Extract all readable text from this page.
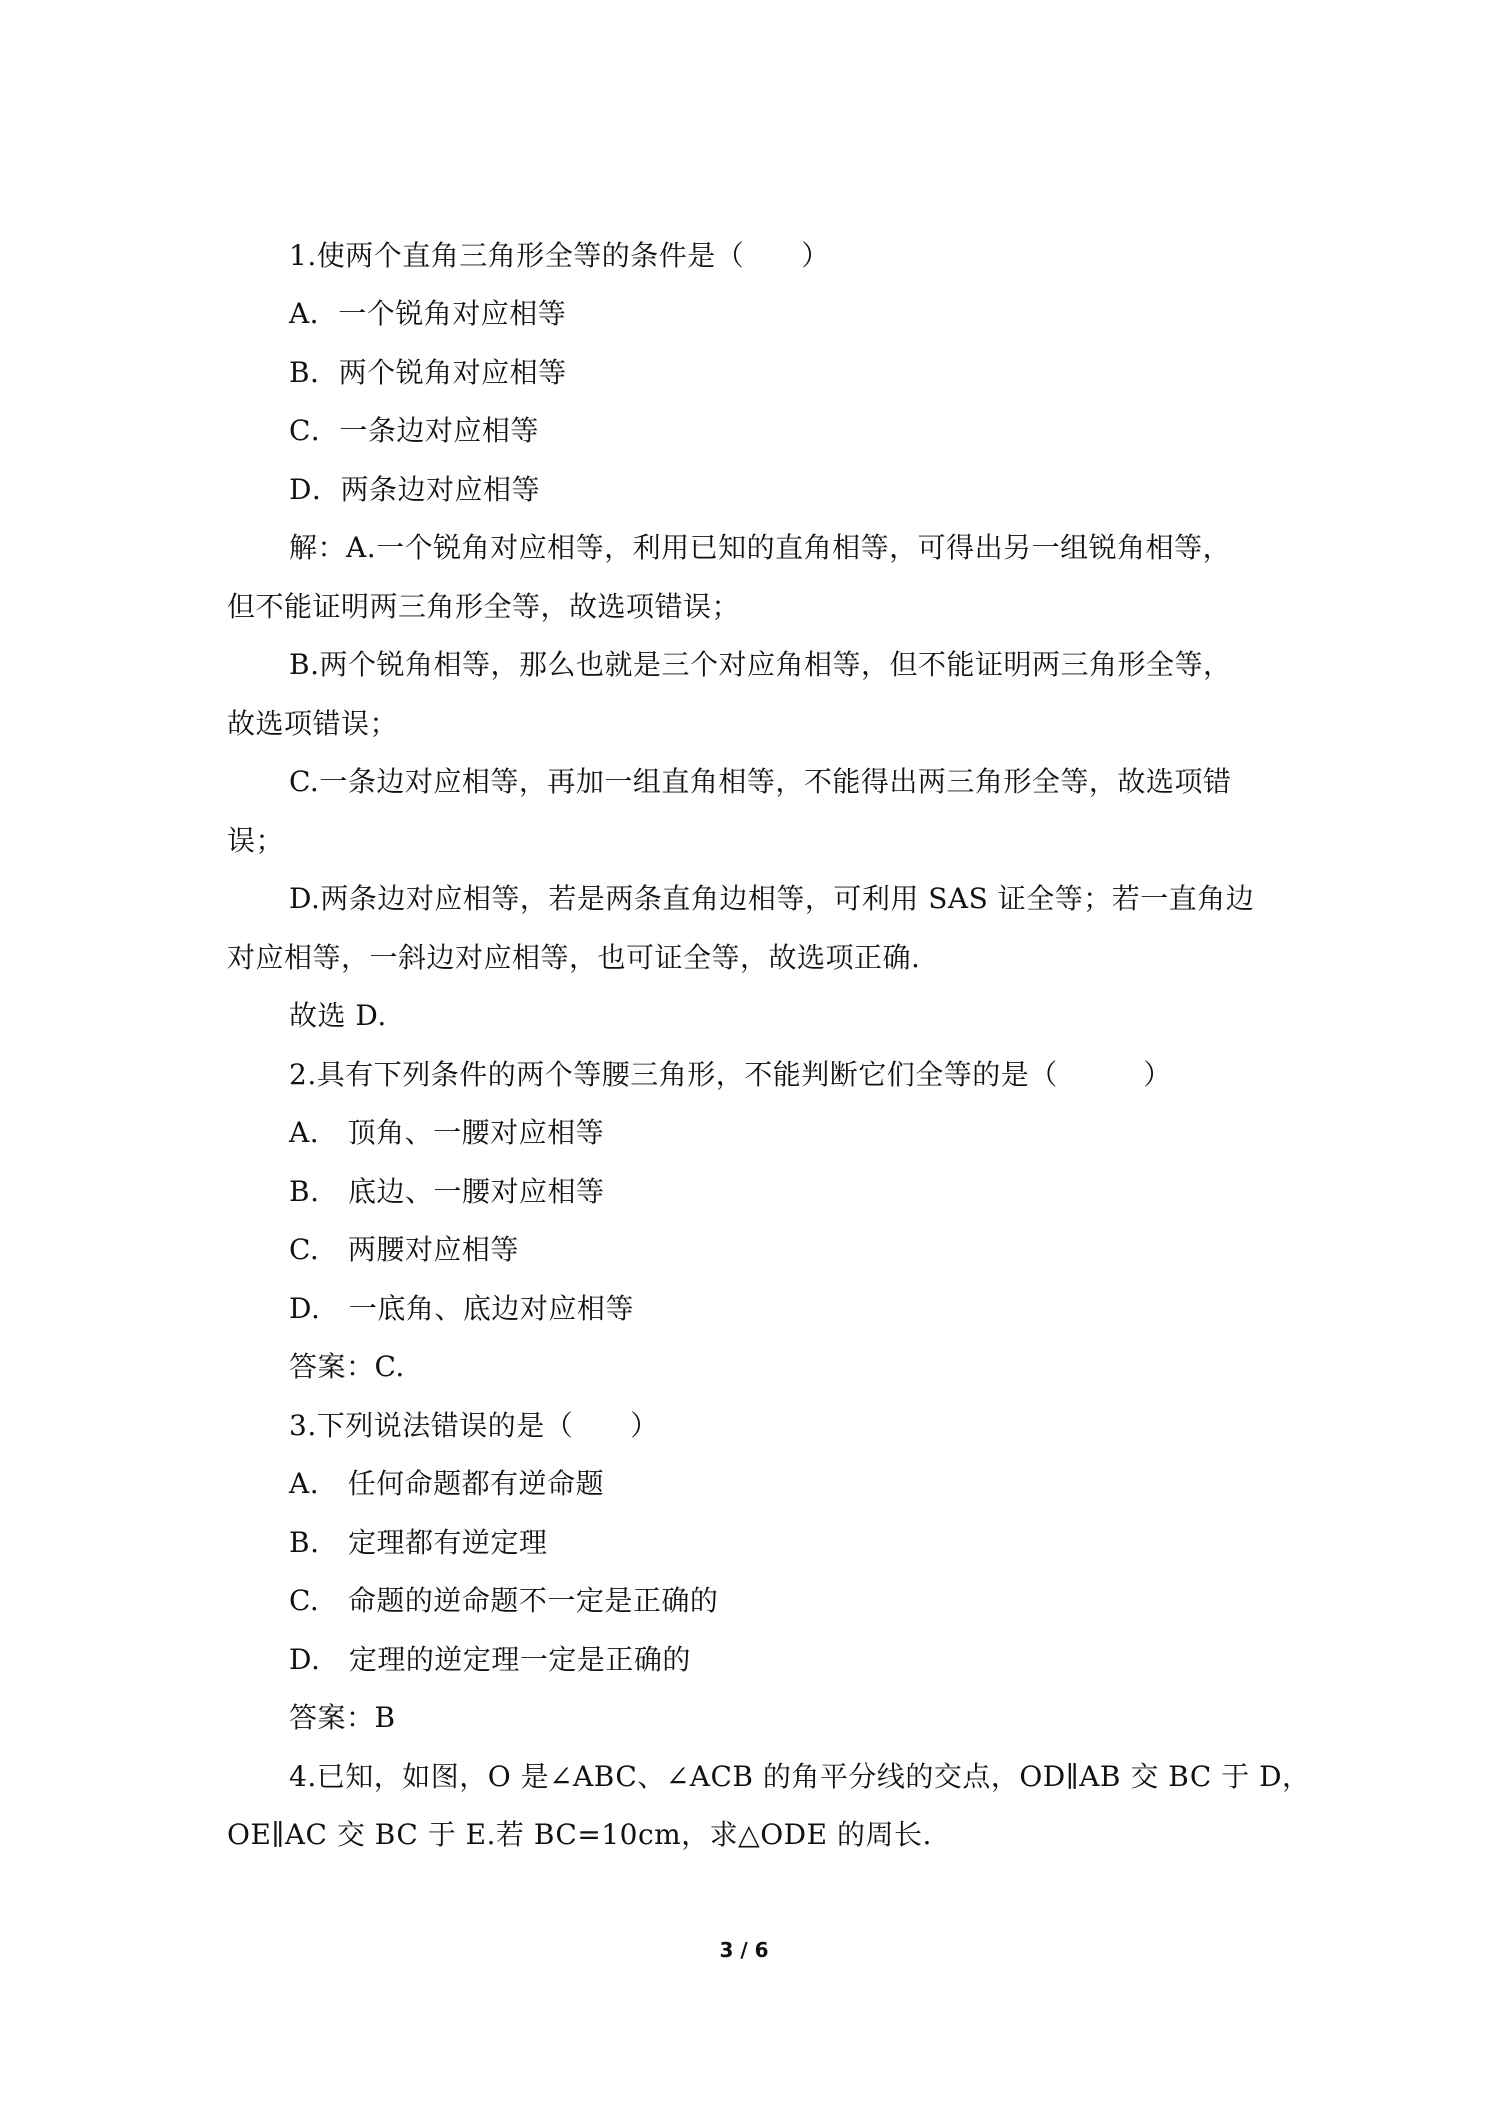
1.使两个直角三角形全等的条件是（　　）
A．一个锐角对应相等
B．两个锐角对应相等
C．一条边对应相等
D．两条边对应相等
解：A.一个锐角对应相等，利用已知的直角相等，可得出另一组锐角相等，
但不能证明两三角形全等，故选项错误；
B.两个锐角相等，那么也就是三个对应角相等，但不能证明两三角形全等，
故选项错误；
C.一条边对应相等，再加一组直角相等，不能得出两三角形全等，故选项错
误；
D.两条边对应相等，若是两条直角边相等，可利用 SAS 证全等；若一直角边
对应相等，一斜边对应相等，也可证全等，故选项正确.
故选 D.
2.具有下列条件的两个等腰三角形，不能判断它们全等的是（　　　）
A.　顶角、一腰对应相等
B.　底边、一腰对应相等
C.　两腰对应相等
D.　一底角、底边对应相等
答案：C.
3.下列说法错误的是（　　）
A.　任何命题都有逆命题
B.　定理都有逆定理
C.　命题的逆命题不一定是正确的
D.　定理的逆定理一定是正确的
答案：B
4.已知，如图，O 是∠ABC、∠ACB 的角平分线的交点，OD∥AB 交 BC 于 D，
OE∥AC 交 BC 于 E.若 BC=10cm，求△ODE 的周长.
3 / 6
